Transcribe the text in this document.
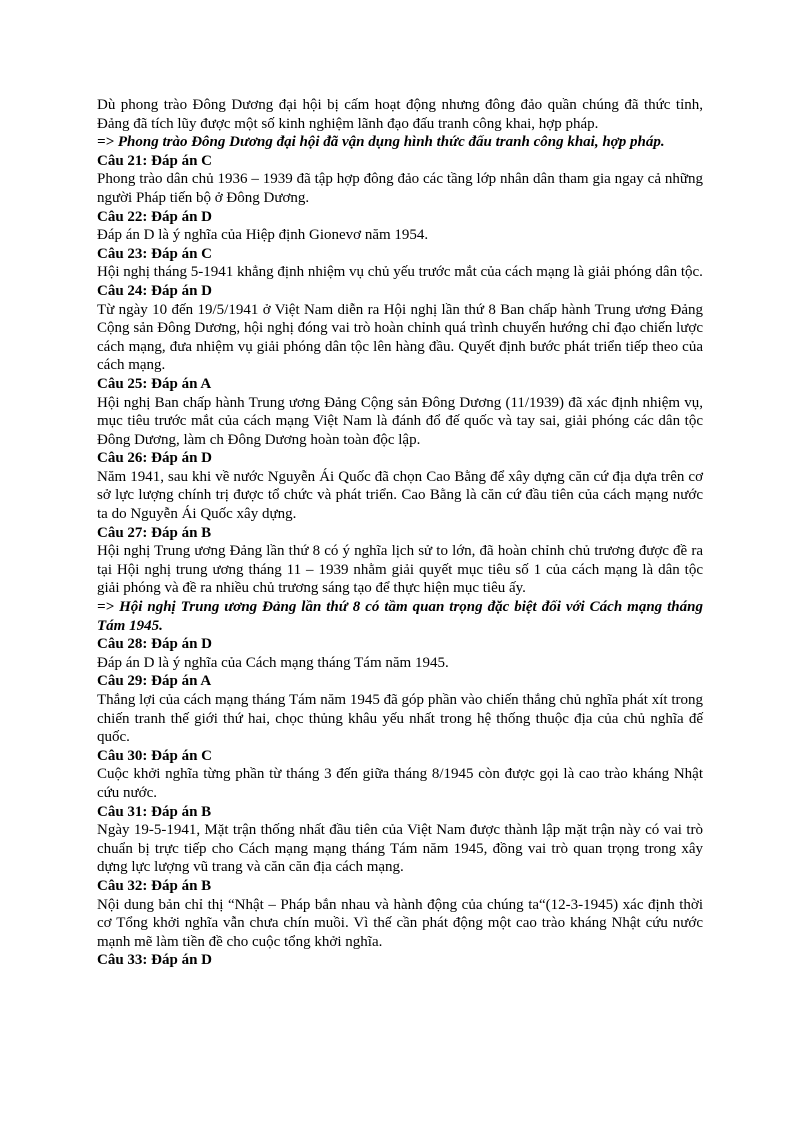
Dù phong trào Đông Dương đại hội bị cấm hoạt động nhưng đông đảo quần chúng đã thức tỉnh, Đảng đã tích lũy được một số kinh nghiệm lãnh đạo đấu tranh công khai, hợp pháp.

=> Phong trào Đông Dương đại hội đã vận dụng hình thức đấu tranh công khai, hợp pháp.

Câu 21: Đáp án C

Phong trào dân chủ 1936 – 1939 đã tập hợp đông đảo các tầng lớp nhân dân tham gia ngay cả những người Pháp tiến bộ ở Đông Dương.

Câu 22: Đáp án D

Đáp án D là ý nghĩa của Hiệp định Gionevơ năm 1954.

Câu 23: Đáp án C

Hội nghị tháng 5-1941 khẳng định nhiệm vụ chủ yếu trước mắt của cách mạng là giải phóng dân tộc.

Câu 24: Đáp án D

Từ ngày 10 đến 19/5/1941 ở Việt Nam diễn ra Hội nghị lần thứ 8 Ban chấp hành Trung ương Đảng Cộng sản Đông Dương, hội nghị đóng vai trò hoàn chỉnh quá trình chuyển hướng chỉ đạo chiến lược cách mạng, đưa nhiệm vụ giải phóng dân tộc lên hàng đầu. Quyết định bước phát triển tiếp theo của cách mạng.

Câu 25: Đáp án A

Hội nghị Ban chấp hành Trung ương Đảng Cộng sản Đông Dương (11/1939) đã xác định nhiệm vụ, mục tiêu trước mắt của cách mạng Việt Nam là đánh đổ đế quốc và tay sai, giải phóng các dân tộc Đông Dương, làm ch Đông Dương hoàn toàn độc lập.

Câu 26: Đáp án D

Năm 1941, sau khi về nước Nguyễn Ái Quốc đã chọn Cao Bằng để xây dựng căn cứ địa dựa trên cơ sở lực lượng chính trị được tổ chức và phát triển. Cao Bằng là căn cứ đầu tiên của cách mạng nước ta do Nguyễn Ái Quốc xây dựng.

Câu 27: Đáp án B

Hội nghị Trung ương Đảng lần thứ 8 có ý nghĩa lịch sử to lớn, đã hoàn chỉnh chủ trương được đề ra tại Hội nghị trung ương tháng 11 – 1939 nhằm giải quyết mục tiêu số 1 của cách mạng là dân tộc giải phóng và đề ra nhiều chủ trương sáng tạo để thực hiện mục tiêu ấy.

=> Hội nghị Trung ương Đảng lần thứ 8 có tầm quan trọng đặc biệt đối với Cách mạng tháng Tám 1945.

Câu 28: Đáp án D

Đáp án D là ý nghĩa của Cách mạng tháng Tám năm 1945.

Câu 29: Đáp án A

Thắng lợi của cách mạng tháng Tám năm 1945 đã góp phần vào chiến thắng chủ nghĩa phát xít trong chiến tranh thế giới thứ hai, chọc thủng khâu yếu nhất trong hệ thống thuộc địa của chủ nghĩa đế quốc.

Câu 30: Đáp án C

Cuộc khởi nghĩa từng phần từ tháng 3 đến giữa tháng 8/1945 còn được gọi là cao trào kháng Nhật cứu nước.

Câu 31: Đáp án B

Ngày 19-5-1941, Mặt trận thống nhất đầu tiên của Việt Nam được thành lập mặt trận này có vai trò chuẩn bị trực tiếp cho Cách mạng mạng tháng Tám năm 1945, đồng vai trò quan trọng trong xây dựng lực lượng vũ trang và căn căn địa cách mạng.

Câu 32: Đáp án B

Nội dung bản chỉ thị “Nhật – Pháp bắn nhau và hành động của chúng ta“(12-3-1945) xác định thời cơ Tổng khởi nghĩa vẫn chưa chín muồi. Vì thế cần phát động một cao trào kháng Nhật cứu nước mạnh mẽ làm tiền đề cho cuộc tổng khởi nghĩa.

Câu 33: Đáp án D
